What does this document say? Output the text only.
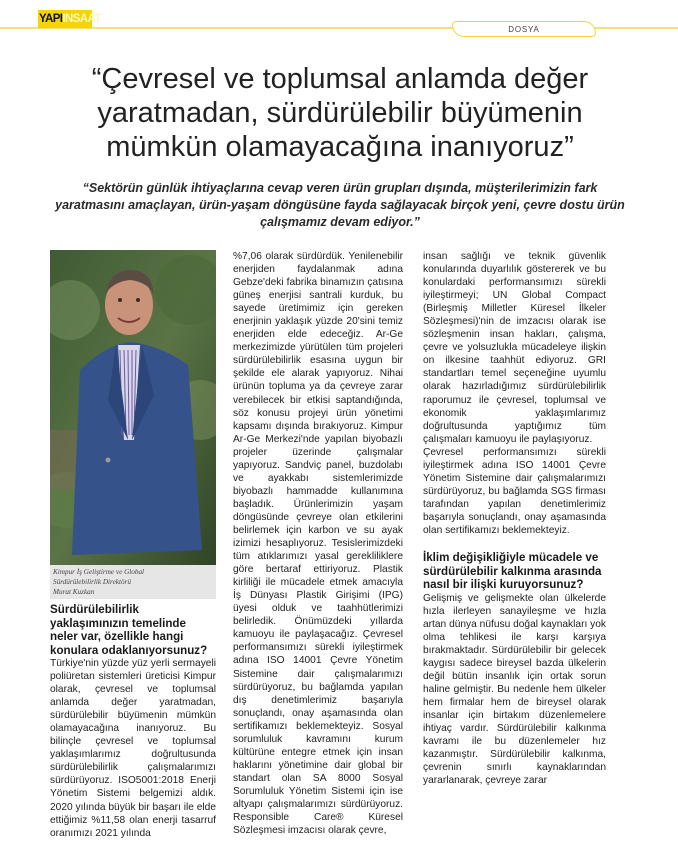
YAPI INSAAT
DOSYA
“Çevresel ve toplumsal anlamda değer yaratmadan, sürdürülebilir büyümenin mümkün olamayacağına inanıyoruz”

“Sektörün günlük ihtiyaçlarına cevap veren ürün grupları dışında, müşterilerimizin fark yaratmasını amaçlayan, ürün-yaşam döngüsüne fayda sağlayacak birçok yeni, çevre dostu ürün çalışmamız devam ediyor.”

Kimpur İş Geliştirme ve Global
Sürdürülebilirlik Direktörü
Murat Kuzkan

Sürdürülebilirlik yaklaşımınızın temelinde neler var, özellikle hangi konulara odaklanıyorsunuz?

Türkiye'nin yüzde yüz yerli sermayeli poliüretan sistemleri üreticisi Kimpur olarak, çevresel ve toplumsal anlamda değer yaratmadan, sürdürülebilir büyümenin mümkün olamayacağına inanıyoruz. Bu bilinçle çevresel ve toplumsal yaklaşımlarımız doğrultusunda sürdürülebilirlik çalışmalarımızı sürdürüyoruz. ISO5001:2018 Enerji Yönetim Sistemi belgemizi aldık. 2020 yılında büyük bir başarı ile elde ettiğimiz %11,58 olan enerji tasarruf oranımızı 2021 yılında

%7,06 olarak sürdürdük. Yenilenebilir enerjiden faydalanmak adına Gebze'deki fabrika binamızın çatısına güneş enerjisi santrali kurduk, bu sayede üretimimiz için gereken enerjinin yaklaşık yüzde 20'sini temiz enerjiden elde edeceğiz. Ar-Ge merkezimizde yürütülen tüm projeleri sürdürülebilirlik esasına uygun bir şekilde ele alarak yapıyoruz. Nihai ürünün topluma ya da çevreye zarar verebilecek bir etkisi saptandığında, söz konusu projeyi ürün yönetimi kapsamı dışında bırakıyoruz. Kimpur Ar-Ge Merkezi'nde yapılan biyobazlı projeler üzerinde çalışmalar yapıyoruz. Sandviç panel, buzdolabı ve ayakkabı sistemlerimizde biyobazlı hammadde kullanımına başladık. Ürünlerimizin yaşam döngüsünde çevreye olan etkilerini belirlemek için karbon ve su ayak izimizi hesaplıyoruz. Tesislerimizdeki tüm atıklarımızı yasal gerekliliklere göre bertaraf ettiriyoruz. Plastik kirliliği ile mücadele etmek amacıyla İş Dünyası Plastik Girişimi (IPG) üyesi olduk ve taahhütlerimizi belirledik. Önümüzdeki yıllarda kamuoyu ile paylaşacağız. Çevresel performansımızı sürekli iyileştirmek adına ISO 14001 Çevre Yönetim Sistemine dair çalışmalarımızı sürdürüyoruz, bu bağlamda yapılan dış denetimlerimiz başarıyla sonuçlandı, onay aşamasında olan sertifikamızı beklemekteyiz. Sosyal sorumluluk kavramını kurum kültürüne entegre etmek için insan haklarını yönetimine dair global bir standart olan SA 8000 Sosyal Sorumluluk Yönetim Sistemi için ise altyapı çalışmalarımızı sürdürüyoruz. Responsible Care® Küresel Sözleşmesi imzacısı olarak çevre,

insan sağlığı ve teknik güvenlik konularında duyarlılık göstererek ve bu konulardaki performansımızı sürekli iyileştirmeyi; UN Global Compact (Birleşmiş Milletler Küresel İlkeler Sözleşmesi)'nin de imzacısı olarak ise sözleşmenin insan hakları, çalışma, çevre ve yolsuzlukla mücadeleye ilişkin on ilkesine taahhüt ediyoruz. GRI standartları temel seçeneğine uyumlu olarak hazırladığımız sürdürülebilirlik raporumuz ile çevresel, toplumsal ve ekonomik yaklaşımlarımız doğrultusunda yaptığımız tüm çalışmaları kamuoyu ile paylaşıyoruz.

Çevresel performansımızı sürekli iyileştirmek adına ISO 14001 Çevre Yönetim Sistemine dair çalışmalarımızı sürdürüyoruz, bu bağlamda SGS firması tarafından yapılan denetimlerimiz başarıyla sonuçlandı, onay aşamasında olan sertifikamızı beklemekteyiz.

İklim değişikliğiyle mücadele ve sürdürülebilir kalkınma arasında nasıl bir ilişki kuruyorsunuz?

Gelişmiş ve gelişmekte olan ülkelerde hızla ilerleyen sanayileşme ve hızla artan dünya nüfusu doğal kaynakları yok olma tehlikesi ile karşı karşıya bırakmaktadır. Sürdürülebilir bir gelecek kaygısı sadece bireysel bazda ülkelerin değil bütün insanlık için ortak sorun haline gelmiştir. Bu nedenle hem ülkeler hem firmalar hem de bireysel olarak insanlar için birtakım düzenlemelere ihtiyaç vardır. Sürdürülebilir kalkınma kavramı ile bu düzenlemeler hız kazanmıştır. Sürdürülebilir kalkınma, çevrenin sınırlı kaynaklarından yararlanarak, çevreye zarar
